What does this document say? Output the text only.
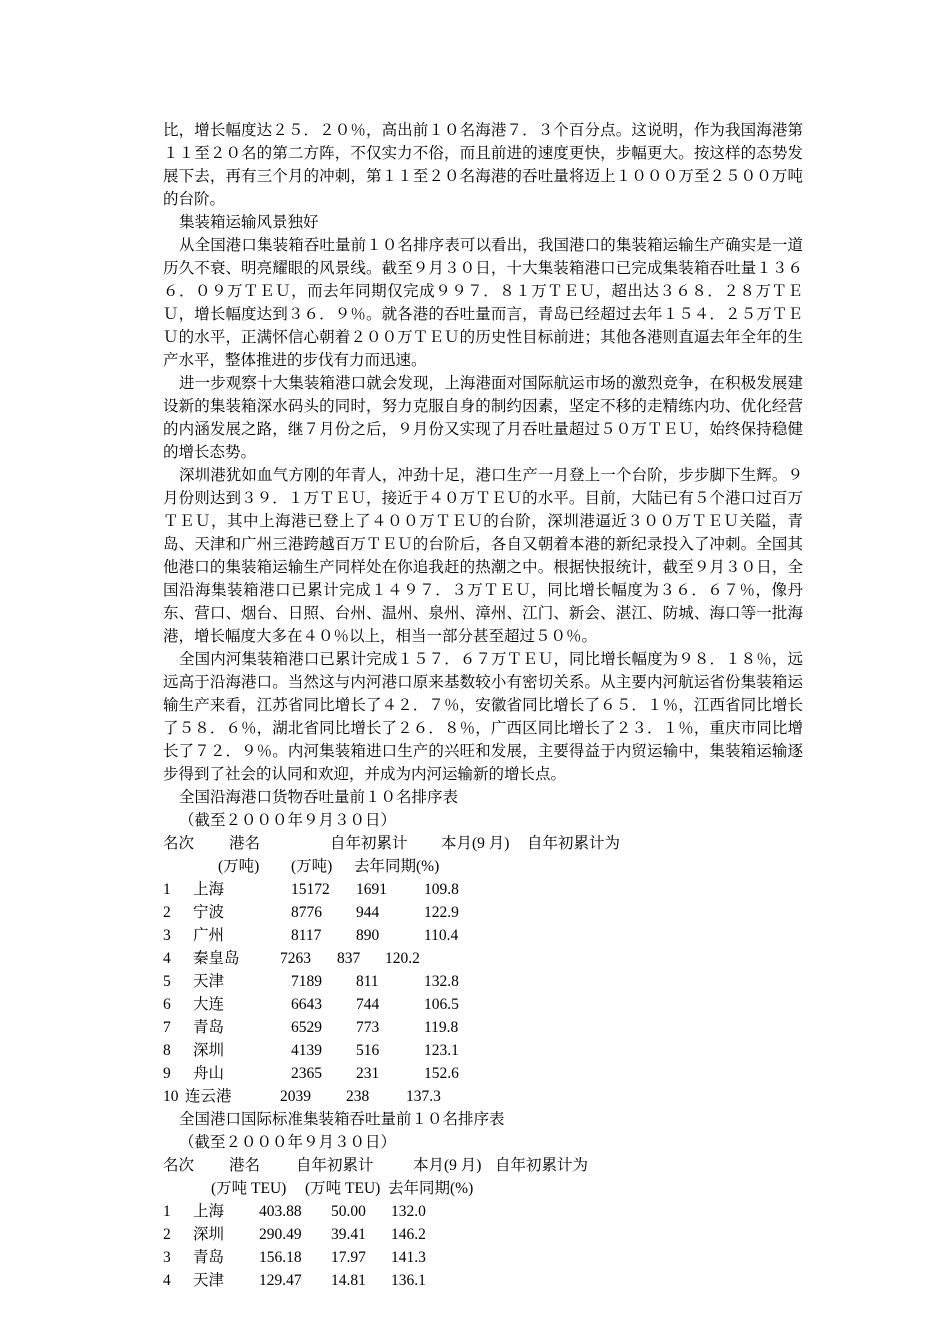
比，增长幅度达２５．２０％，高出前１０名海港７．３个百分点。这说明，作为我国海港第１１至２０名的第二方阵，不仅实力不俗，而且前进的速度更快，步幅更大。按这样的态势发展下去，再有三个月的冲刺，第１１至２０名海港的吞吐量将迈上１０００万至２５００万吨的台阶。

集装箱运输风景独好

从全国港口集装箱吞吐量前１０名排序表可以看出，我国港口的集装箱运输生产确实是一道历久不衰、明亮耀眼的风景线。截至９月３０日，十大集装箱港口已完成集装箱吞吐量１３６６．０９万ＴＥＵ，而去年同期仅完成９９７．８１万ＴＥＵ，超出达３６８．２８万ＴＥＵ，增长幅度达到３６．９％。就各港的吞吐量而言，青岛已经超过去年１５４．２５万ＴＥＵ的水平，正满怀信心朝着２００万ＴＥＵ的历史性目标前进；其他各港则直逼去年全年的生产水平，整体推进的步伐有力而迅速。

进一步观察十大集装箱港口就会发现，上海港面对国际航运市场的激烈竞争，在积极发展建设新的集装箱深水码头的同时，努力克服自身的制约因素，坚定不移的走精练内功、优化经营的内涵发展之路，继７月份之后，９月份又实现了月吞吐量超过５０万ＴＥＵ，始终保持稳健的增长态势。

深圳港犹如血气方刚的年青人，冲劲十足，港口生产一月登上一个台阶，步步脚下生辉。９月份则达到３９．１万ＴＥＵ，接近于４０万ＴＥＵ的水平。目前，大陆已有５个港口过百万ＴＥＵ，其中上海港已登上了４００万ＴＥＵ的台阶，深圳港逼近３００万ＴＥＵ关隘，青岛、天津和广州三港跨越百万ＴＥＵ的台阶后，各自又朝着本港的新纪录投入了冲刺。全国其他港口的集装箱运输生产同样处在你追我赶的热潮之中。根据快报统计，截至９月３０日，全国沿海集装箱港口已累计完成１４９７．３万ＴＥＵ，同比增长幅度为３６．６７％，像丹东、营口、烟台、日照、台州、温州、泉州、漳州、江门、新会、湛江、防城、海口等一批海港，增长幅度大多在４０％以上，相当一部分甚至超过５０％。

全国内河集装箱港口已累计完成１５７．６７万ＴＥＵ，同比增长幅度为９８．１８％，远远高于沿海港口。当然这与内河港口原来基数较小有密切关系。从主要内河航运省份集装箱运输生产来看，江苏省同比增长了４２．７％，安徽省同比增长了６５．１％，江西省同比增长了５８．６％，湖北省同比增长了２６．８％，广西区同比增长了２３．１％，重庆市同比增长了７２．９％。内河集装箱进口生产的兴旺和发展，主要得益于内贸运输中，集装箱运输逐步得到了社会的认同和欢迎，并成为内河运输新的增长点。

全国沿海港口货物吞吐量前１０名排序表

（截至２０００年９月３０日）

名次 港名	自年初累计 本月(9 月) 自年初累计为
(万吨) (万吨) 去年同期(%)
1 上海	15172 1691 109.8
2 宁波	8776 944	122.9
3 广州	8117 890	110.4
4 秦皇岛	7263 837 120.2
5 天津	7189 811	132.8
6 大连	6643 744	106.5
7 青岛	6529 773	119.8
8 深圳	4139 516	123.1
9 舟山	2365 231	152.6
10 连云港	2039 238 137.3

全国港口国际标准集装箱吞吐量前１０名排序表

（截至２０００年９月３０日）

名次 港名 自年初累计	本月(9 月) 自年初累计为
(万吨 TEU) (万吨 TEU) 去年同期(%)
1 上海 403.88 50.00 132.0
2 深圳 290.49 39.41 146.2
3 青岛 156.18 17.97 141.3
4 天津 129.47 14.81 136.1
